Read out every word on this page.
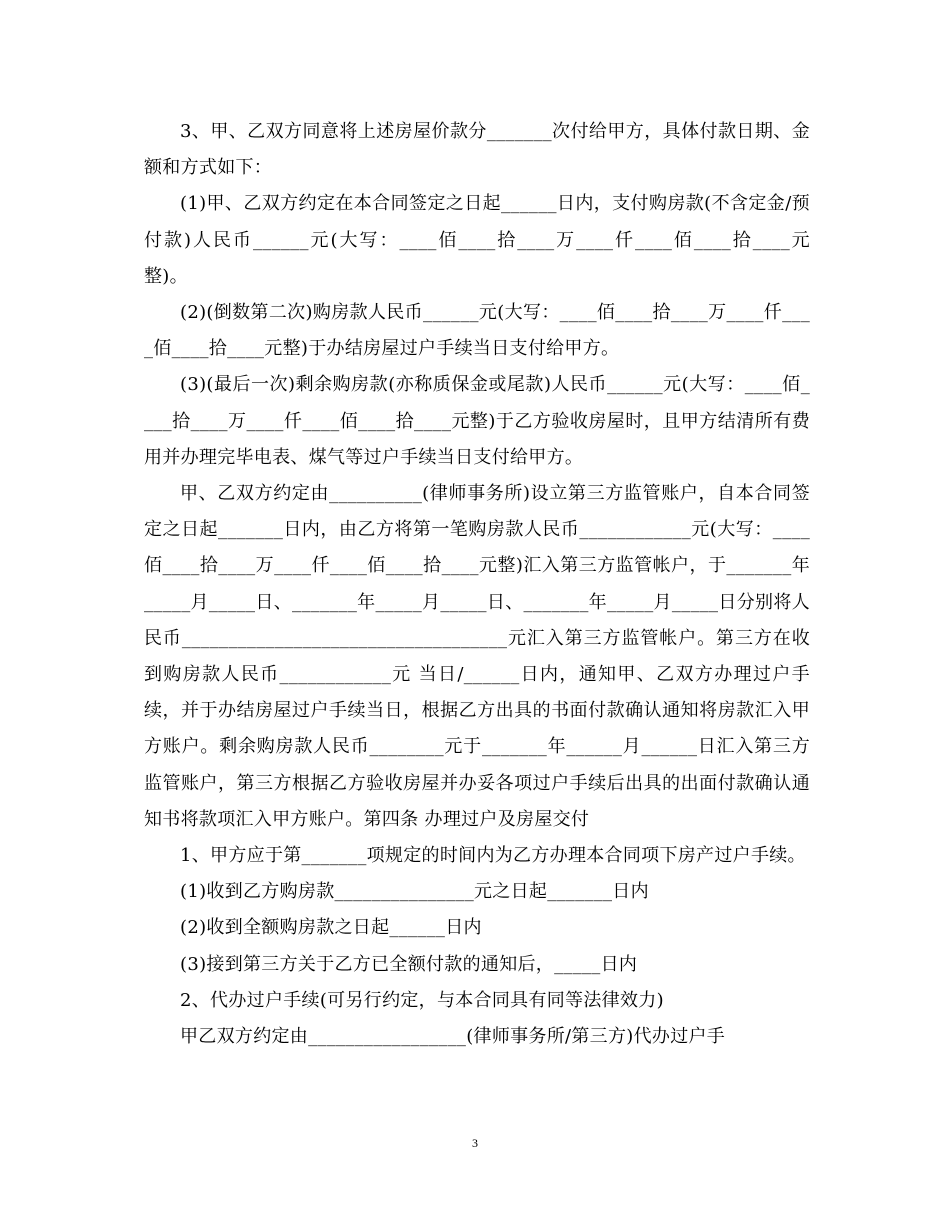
3、甲、乙双方同意将上述房屋价款分_______次付给甲方，具体付款日期、金额和方式如下：

(1)甲、乙双方约定在本合同签定之日起______日内，支付购房款(不含定金/预付款)人民币______元(大写：____佰____拾____万____仟____佰____拾____元整)。

(2)(倒数第二次)购房款人民币______元(大写：____佰____拾____万____仟____佰____拾____元整)于办结房屋过户手续当日支付给甲方。

(3)(最后一次)剩余购房款(亦称质保金或尾款)人民币______元(大写：____佰____拾____万____仟____佰____拾____元整)于乙方验收房屋时，且甲方结清所有费用并办理完毕电表、煤气等过户手续当日支付给甲方。

甲、乙双方约定由__________(律师事务所)设立第三方监管账户，自本合同签定之日起_______日内，由乙方将第一笔购房款人民币____________元(大写：____佰____拾____万____仟____佰____拾____元整)汇入第三方监管帐户，于_______年_____月_____日、_______年_____月_____日、_______年_____月_____日分别将人民币___________________________________元汇入第三方监管帐户。第三方在收到购房款人民币____________元 当日/______日内，通知甲、乙双方办理过户手续，并于办结房屋过户手续当日，根据乙方出具的书面付款确认通知将房款汇入甲方账户。剩余购房款人民币________元于_______年______月______日汇入第三方监管账户，第三方根据乙方验收房屋并办妥各项过户手续后出具的出面付款确认通知书将款项汇入甲方账户。第四条 办理过户及房屋交付

1、甲方应于第_______项规定的时间内为乙方办理本合同项下房产过户手续。

(1)收到乙方购房款_______________元之日起_______日内

(2)收到全额购房款之日起______日内

(3)接到第三方关于乙方已全额付款的通知后，_____日内

2、代办过户手续(可另行约定，与本合同具有同等法律效力)

甲乙双方约定由_________________(律师事务所/第三方)代办过户手

3
